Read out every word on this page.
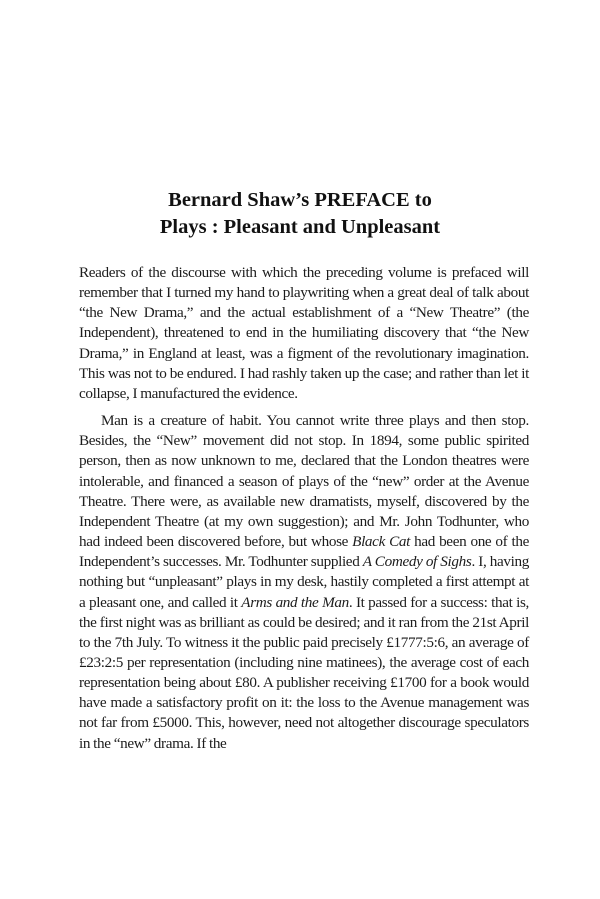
Bernard Shaw’s PREFACE to
Plays : Pleasant and Unpleasant

Readers of the discourse with which the preceding volume is prefaced will remember that I turned my hand to playwriting when a great deal of talk about “the New Drama,” and the actual establishment of a “New Theatre” (the Independent), threatened to end in the humiliating discovery that “the New Drama,” in England at least, was a figment of the revolutionary imagination. This was not to be endured. I had rashly taken up the case; and rather than let it collapse, I manufactured the evidence.

Man is a creature of habit. You cannot write three plays and then stop. Besides, the “New” movement did not stop. In 1894, some public spirited person, then as now unknown to me, declared that the London theatres were intolerable, and financed a season of plays of the “new” order at the Avenue Theatre. There were, as available new dramatists, myself, discovered by the Independent Theatre (at my own suggestion); and Mr. John Todhunter, who had indeed been discovered before, but whose Black Cat had been one of the Independent’s successes. Mr. Todhunter supplied A Comedy of Sighs. I, having nothing but “unpleasant” plays in my desk, hastily completed a first attempt at a pleasant one, and called it Arms and the Man. It passed for a success: that is, the first night was as brilliant as could be desired; and it ran from the 21st April to the 7th July. To witness it the public paid precisely £1777:5:6, an average of £23:2:5 per representation (including nine matinees), the average cost of each representation being about £80. A publisher receiving £1700 for a book would have made a satisfactory profit on it: the loss to the Avenue management was not far from £5000. This, however, need not altogether discourage speculators in the “new” drama. If the
